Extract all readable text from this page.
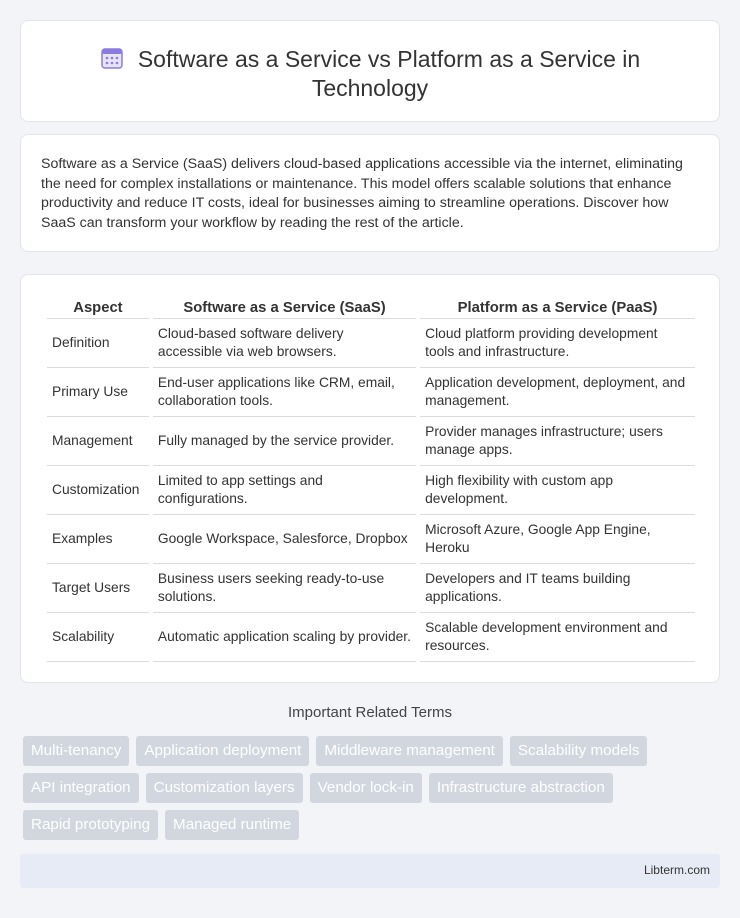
Software as a Service vs Platform as a Service in Technology

Software as a Service (SaaS) delivers cloud-based applications accessible via the internet, eliminating the need for complex installations or maintenance. This model offers scalable solutions that enhance productivity and reduce IT costs, ideal for businesses aiming to streamline operations. Discover how SaaS can transform your workflow by reading the rest of the article.

Aspect	Software as a Service (SaaS)	Platform as a Service (PaaS)
Definition	Cloud-based software delivery accessible via web browsers.	Cloud platform providing development tools and infrastructure.
Primary Use	End-user applications like CRM, email, collaboration tools.	Application development, deployment, and management.
Management	Fully managed by the service provider.	Provider manages infrastructure; users manage apps.
Customization	Limited to app settings and configurations.	High flexibility with custom app development.
Examples	Google Workspace, Salesforce, Dropbox	Microsoft Azure, Google App Engine, Heroku
Target Users	Business users seeking ready-to-use solutions.	Developers and IT teams building applications.
Scalability	Automatic application scaling by provider.	Scalable development environment and resources.
Important Related Terms
Multi-tenancy	Application deployment	Middleware management	Scalability models
API integration	Customization layers	Vendor lock-in	Infrastructure abstraction
Rapid prototyping	Managed runtime
Libterm.com
